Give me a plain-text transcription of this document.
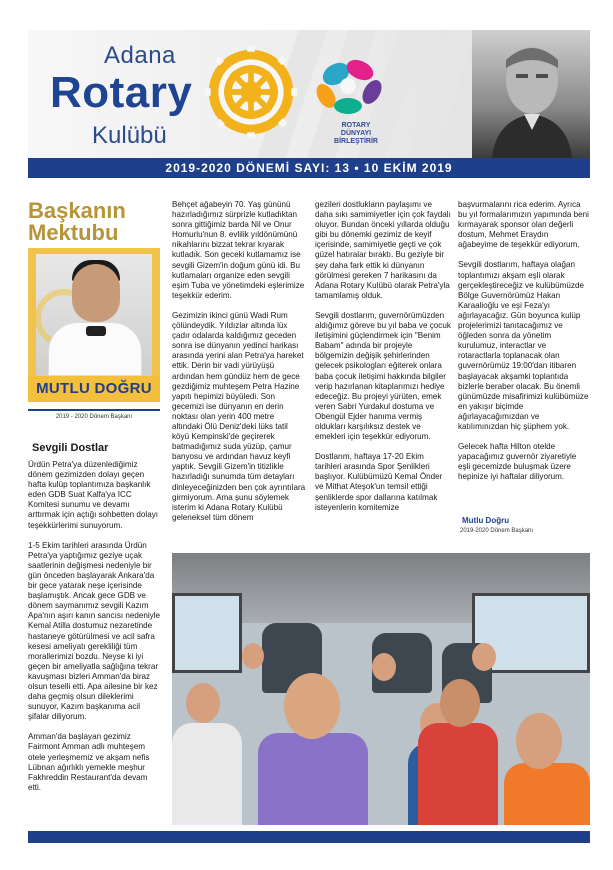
Adana
Rotary
Kulübü	ROTARY
DÜNYAYI
BİRLEŞTİRİR
2019-2020 DÖNEMİ SAYI: 13 • 10 EKİM 2019
Başkanın
Mektubu
MUTLU DOĞRU
2019 - 2020 Dönem Başkanı
Sevgili Dostlar

Ürdün Petra'ya düzenlediğimiz dönem gezimizden dolayı geçen hafta kulüp toplantımıza başkanlık eden GDB Suat Kalfa'ya ICC Komitesi sunumu ve devamı arttırmak için açtığı sohbetten dolayı teşekkürlerimi sunuyorum.

1-5 Ekim tarihleri arasında Ürdün Petra'ya yaptığımız geziye uçak saatlerinin değişmesi nedeniyle bir gün önceden başlayarak Ankara'da bir gece yatarak neşe içerisinde başlamıştık. Ancak gece GDB ve dönem saymanımız sevgili Kazım Apa'nın aşırı kanın sancısı nedeniyle Kemal Atilla dostumuz nezaretinde hastaneye götürülmesi ve acil safra kesesi ameliyatı gerekliliği tüm morallerimizi bozdu. Neyse ki iyi geçen bir ameliyatla sağlığına tekrar kavuşması bizleri Amman'da biraz olsun teselli etti. Apa ailesine bir kez daha geçmiş olsun dileklerimi sunuyor, Kazım başkanıma acil şifalar diliyorum.

Amman'da başlayan gezimiz Fairmont Amman adlı muhteşem otele yerleşmemiz ve akşam nefis Lübnan ağırlıklı yemekle meşhur Fakhreddin Restaurant'da devam etti.

Behçet ağabeyin 70. Yaş gününü hazırladığımız sürprizle kutladıktan sonra gittiğimiz barda Nil ve Onur Homurlu'nun 8. evlilik yıldönümünü nikahlarını bizzat tekrar kıyarak kutladık. Son geceki kutlamamız ise sevgili Gizem'in doğum günü idi. Bu kutlamaları organize eden sevgili eşim Tuba ve yönetimdeki eşlerimize teşekkür ederim.

Gezimizin ikinci günü Wadi Rum çölündeydik. Yıldızlar altında lüx çadır odalarda kaldığımız geceden sonra ise dünyanın yedinci harikası arasında yerini alan Petra'ya hareket ettik. Derin bir vadi yürüyüşü ardından hem gündüz hem de gece gezdiğimiz muhteşem Petra Hazine yapıtı hepimizi büyüledi. Son gecemizi ise dünyanın en derin noktası olan yerin 400 metre altındaki Ölü Deniz'deki lüks tatil köyü Kempinski'de geçirerek batmadığımız suda yüzüp, çamur banyosu ve ardından havuz keyfi yaptık. Sevgili Gizem'in titizlikle hazırladığı sunumda tüm detayları dinleyeceğinizden ben çok ayrıntılara girmiyorum. Ama şunu söylemek isterim ki Adana Rotary Kulübü geleneksel tüm dönem

gezileri dostlukların paylaşımı ve daha sıkı samimiyetler için çok faydalı oluyor. Bundan önceki yıllarda olduğu gibi bu dönemki gezimiz de keyif içerisinde, samimiyetle geçti ve çok güzel hatıralar bıraktı. Bu geziyle bir şey daha fark ettik ki dünyanın görülmesi gereken 7 harikasını da Adana Rotary Kulübü olarak Petra'yla tamamlamış olduk.

Sevgili dostlarım, guvernörümüzden aldığımız göreve bu yıl baba ve çocuk iletişimini güçlendirmek için "Benim Babam" adında bir projeyle bölgemizin değişik şehirlerinden gelecek psikologları eğiterek onlara baba çocuk iletişimi hakkında bilgiler verip hazırlanan kitaplarımızı hediye edeceğiz. Bu projeyi yürüten, emek veren Sabri Yurdakul dostuma ve Obengül Ejder hanıma vermiş oldukları karşılıksız destek ve emekleri için teşekkür ediyorum.

Dostlarım, haftaya 17-20 Ekim tarihleri arasında Spor Şenlikleri başlıyor. Kulübümüzü Kemal Önder ve Mithat Ateşok'un temsil ettiği şenliklerde spor dallarına katılmak isteyenlerin komitemize

başvurmalarını rica ederim. Ayrıca bu yıl formalarımızın yapımında beni kırmayarak sponsor olan değerli dostum, Mehmet Eraydın ağabeyime de teşekkür ediyorum.

Sevgili dostlarım, haftaya olağan toplantımızı akşam eşli olarak gerçekleştireceğiz ve kulübümüzde Bölge Guvernörümüz Hakan Karaalioğlu ve eşi Feza'yı ağırlayacağız. Gün boyunca kulüp projelerimizi tanıtacağımız ve öğleden sonra da yönetim kurulumuz, interactlar ve rotaractlarla toplanacak olan guvernörümüz 19:00'dan itibaren başlayacak akşamki toplantıda bizlerle beraber olacak. Bu önemli günümüzde misafirimizi kulübümüze en yakışır biçimde ağırlayacağımızdan ve katılımınızdan hiç şüphem yok.

Gelecek hafta Hilton otelde yapacağımız guvernör ziyaretiyle eşli gecemizde buluşmak üzere hepinize iyi haftalar diliyorum.

Mutlu Doğru
2019-2020 Dönem Başkanı
